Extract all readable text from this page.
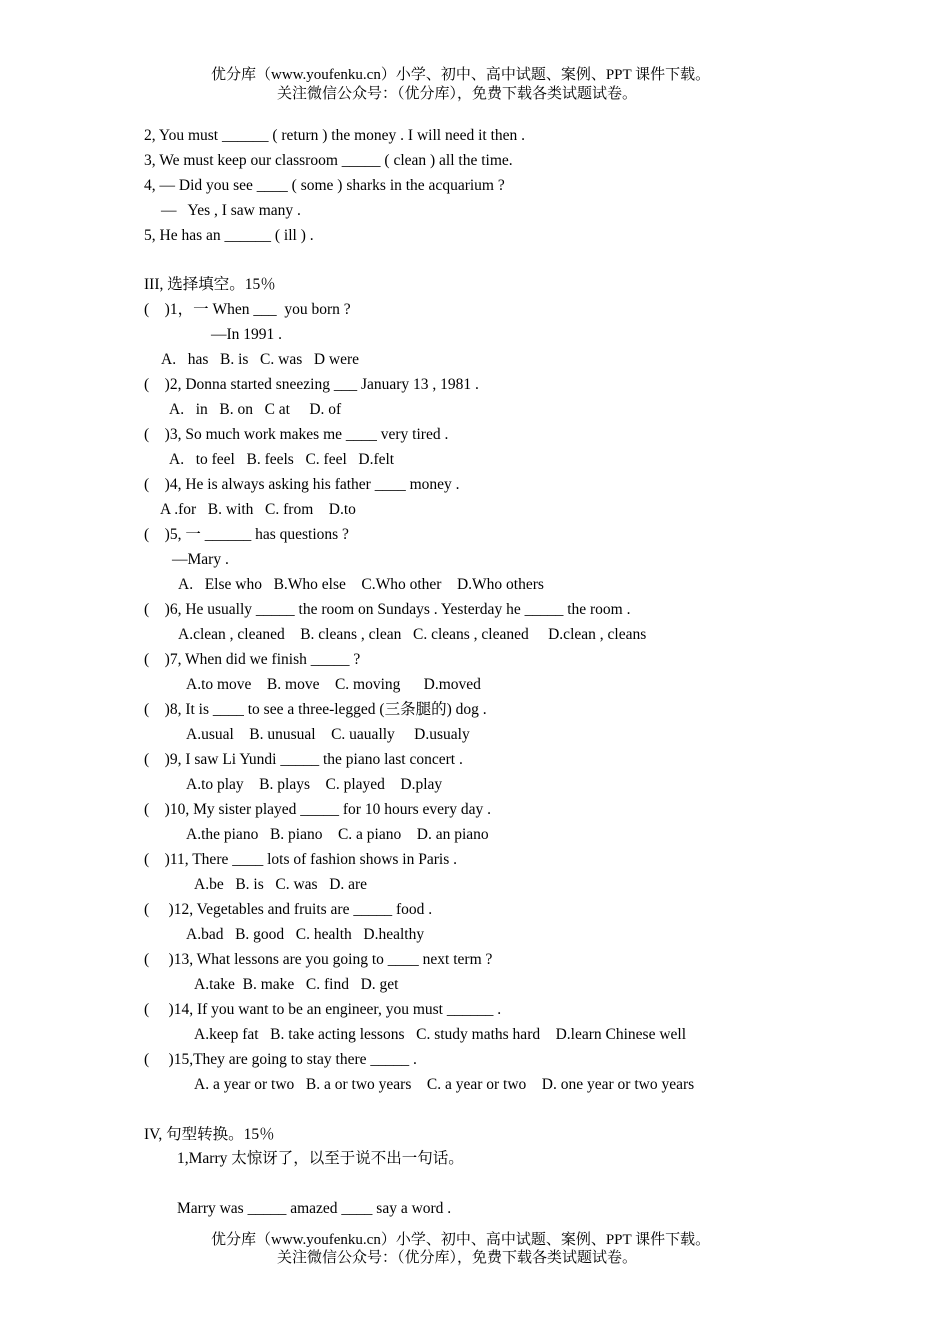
优分库（www.youfenku.cn）小学、初中、高中试题、案例、PPT 课件下载。
关注微信公众号：（优分库），免费下载各类试题试卷。
2, You must ______ ( return ) the money . I will need it then .
3, We must keep our classroom _____ ( clean ) all the time.
4, — Did you see ____ ( some ) sharks in the acquarium ?
—   Yes , I saw many .
5, He has an ______ ( ill ) .
III, 选择填空。15％
(    )1，一 When ___  you born ?
—In 1991 .
A.   has   B. is   C. was   D were
(    )2, Donna started sneezing ___ January 13 , 1981 .
A.   in   B. on   C at     D. of
(    )3, So much work makes me ____ very tired .
A.   to feel   B. feels   C. feel   D.felt
(    )4, He is always asking his father ____ money .
A .for   B. with   C. from    D.to
(    )5, 一 ______ has questions ?
—Mary .
A.   Else who   B.Who else    C.Who other    D.Who others
(    )6, He usually _____ the room on Sundays . Yesterday he _____ the room .
A.clean , cleaned    B. cleans , clean   C. cleans , cleaned     D.clean , cleans
(    )7, When did we finish _____ ?
A.to move    B. move    C. moving      D.moved
(    )8, It is ____ to see a three-legged (三条腿的) dog .
A.usual    B. unusual    C. uaually     D.usualy
(    )9, I saw Li Yundi _____ the piano last concert .
A.to play    B. plays    C. played    D.play
(    )10, My sister played _____ for 10 hours every day .
A.the piano   B. piano    C. a piano    D. an piano
(    )11, There ____ lots of fashion shows in Paris .
A.be   B. is   C. was   D. are
(     )12, Vegetables and fruits are _____ food .
A.bad   B. good   C. health   D.healthy
(     )13, What lessons are you going to ____ next term ?
A.take  B. make   C. find   D. get
(     )14, If you want to be an engineer, you must ______ .
A.keep fat   B. take acting lessons   C. study maths hard    D.learn Chinese well
(     )15,They are going to stay there _____ .
A. a year or two   B. a or two years    C. a year or two    D. one year or two years
IV, 句型转换。15％
1,Marry 太惊讶了，以至于说不出一句话。
Marry was _____ amazed ____ say a word .
优分库（www.youfenku.cn）小学、初中、高中试题、案例、PPT 课件下载。
关注微信公众号：（优分库），免费下载各类试题试卷。
